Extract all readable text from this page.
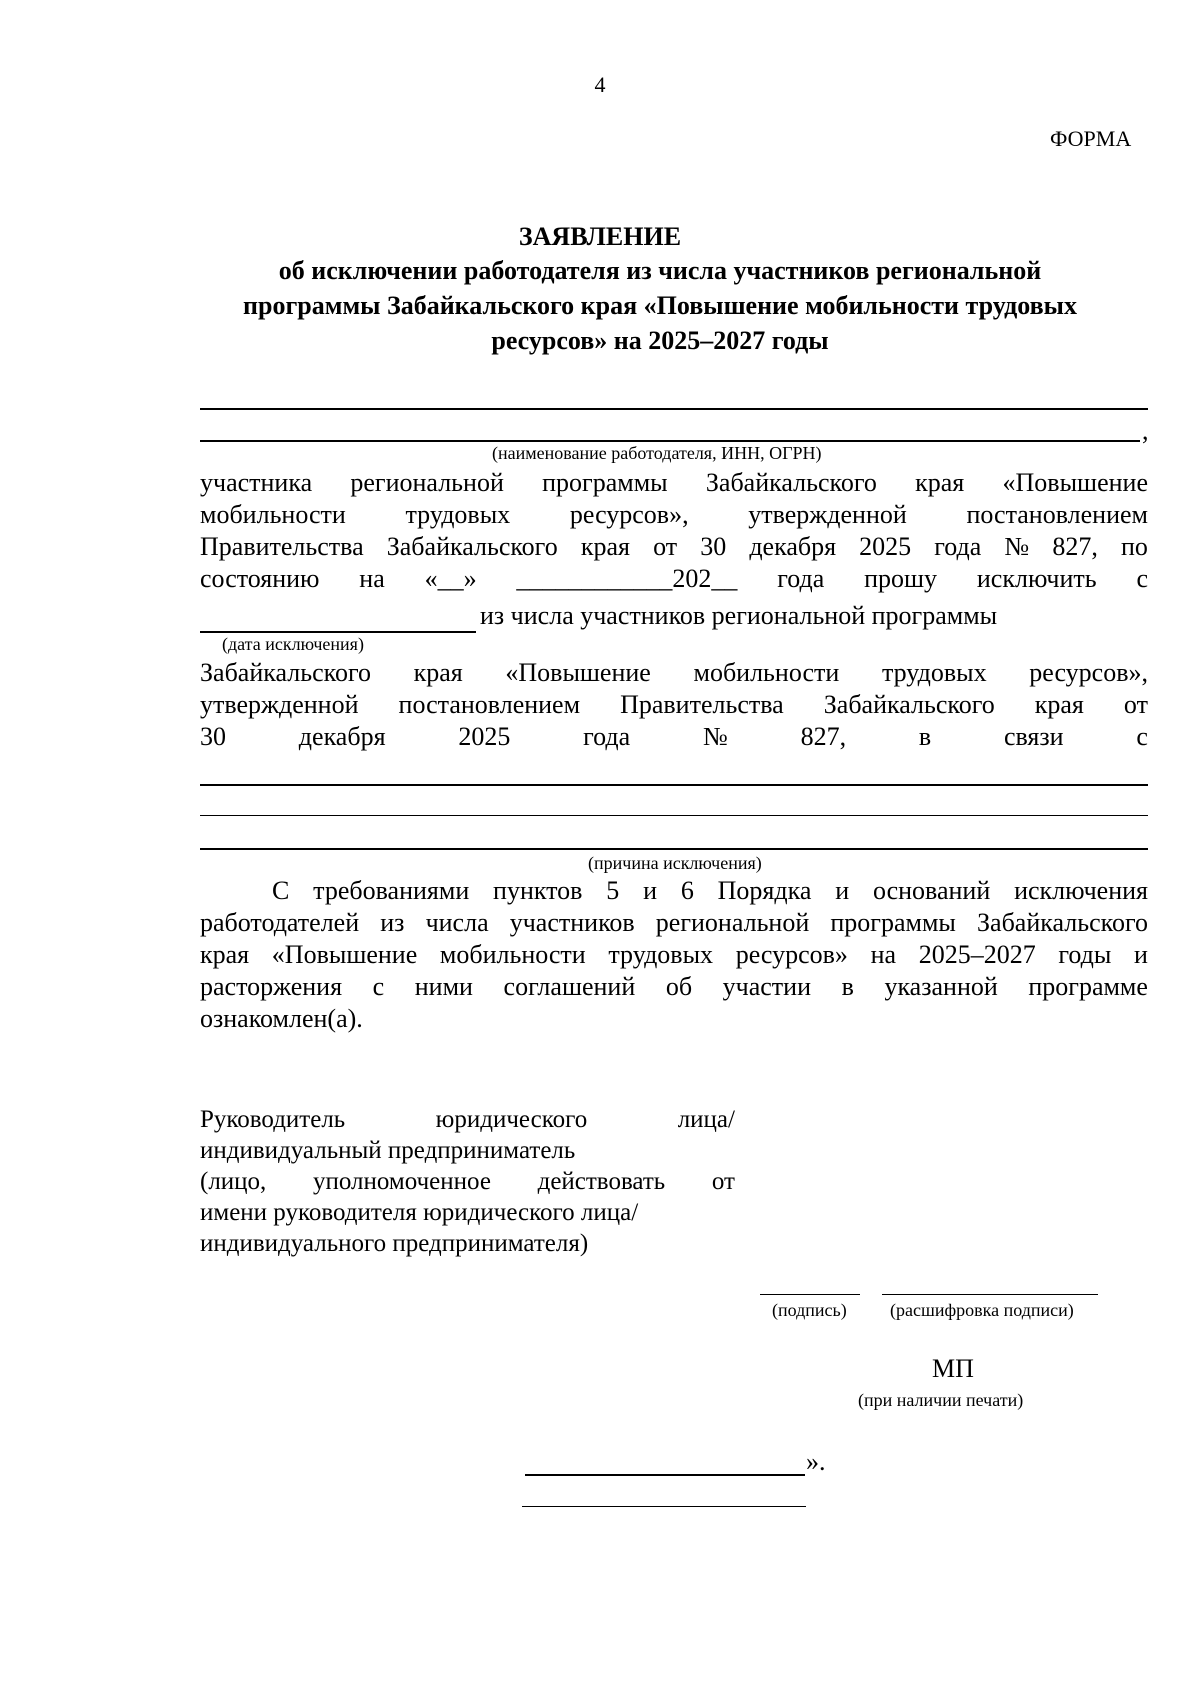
4
ФОРМА
ЗАЯВЛЕНИЕ
об исключении работодателя из числа участников региональной
программы Забайкальского края «Повышение мобильности трудовых
ресурсов» на 2025–2027 годы
,
(наименование работодателя, ИНН, ОГРН)
участника региональной программы Забайкальского края «Повышение
мобильности трудовых ресурсов», утвержденной постановлением
Правительства Забайкальского края от 30 декабря 2025 года № 827, по
состоянию на «__» ____________202__ года прошу исключить с
из числа участников региональной программы
(дата исключения)
Забайкальского края «Повышение мобильности трудовых ресурсов»,
утвержденной постановлением Правительства Забайкальского края от
30	декабря	2025	года	№	827,	в	связи	с
(причина исключения)
С требованиями пунктов 5 и 6 Порядка и оснований исключения
работодателей из числа участников региональной программы Забайкальского
края «Повышение мобильности трудовых ресурсов» на 2025–2027 годы и
расторжения с ними соглашений об участии в указанной программе
ознакомлен(а).
Руководитель	юридического	лица/
индивидуальный предприниматель
(лицо, уполномоченное действовать от
имени руководителя юридического лица/
индивидуального предпринимателя)
(подпись) (расшифровка подписи)
МП
(при наличии печати)
».
